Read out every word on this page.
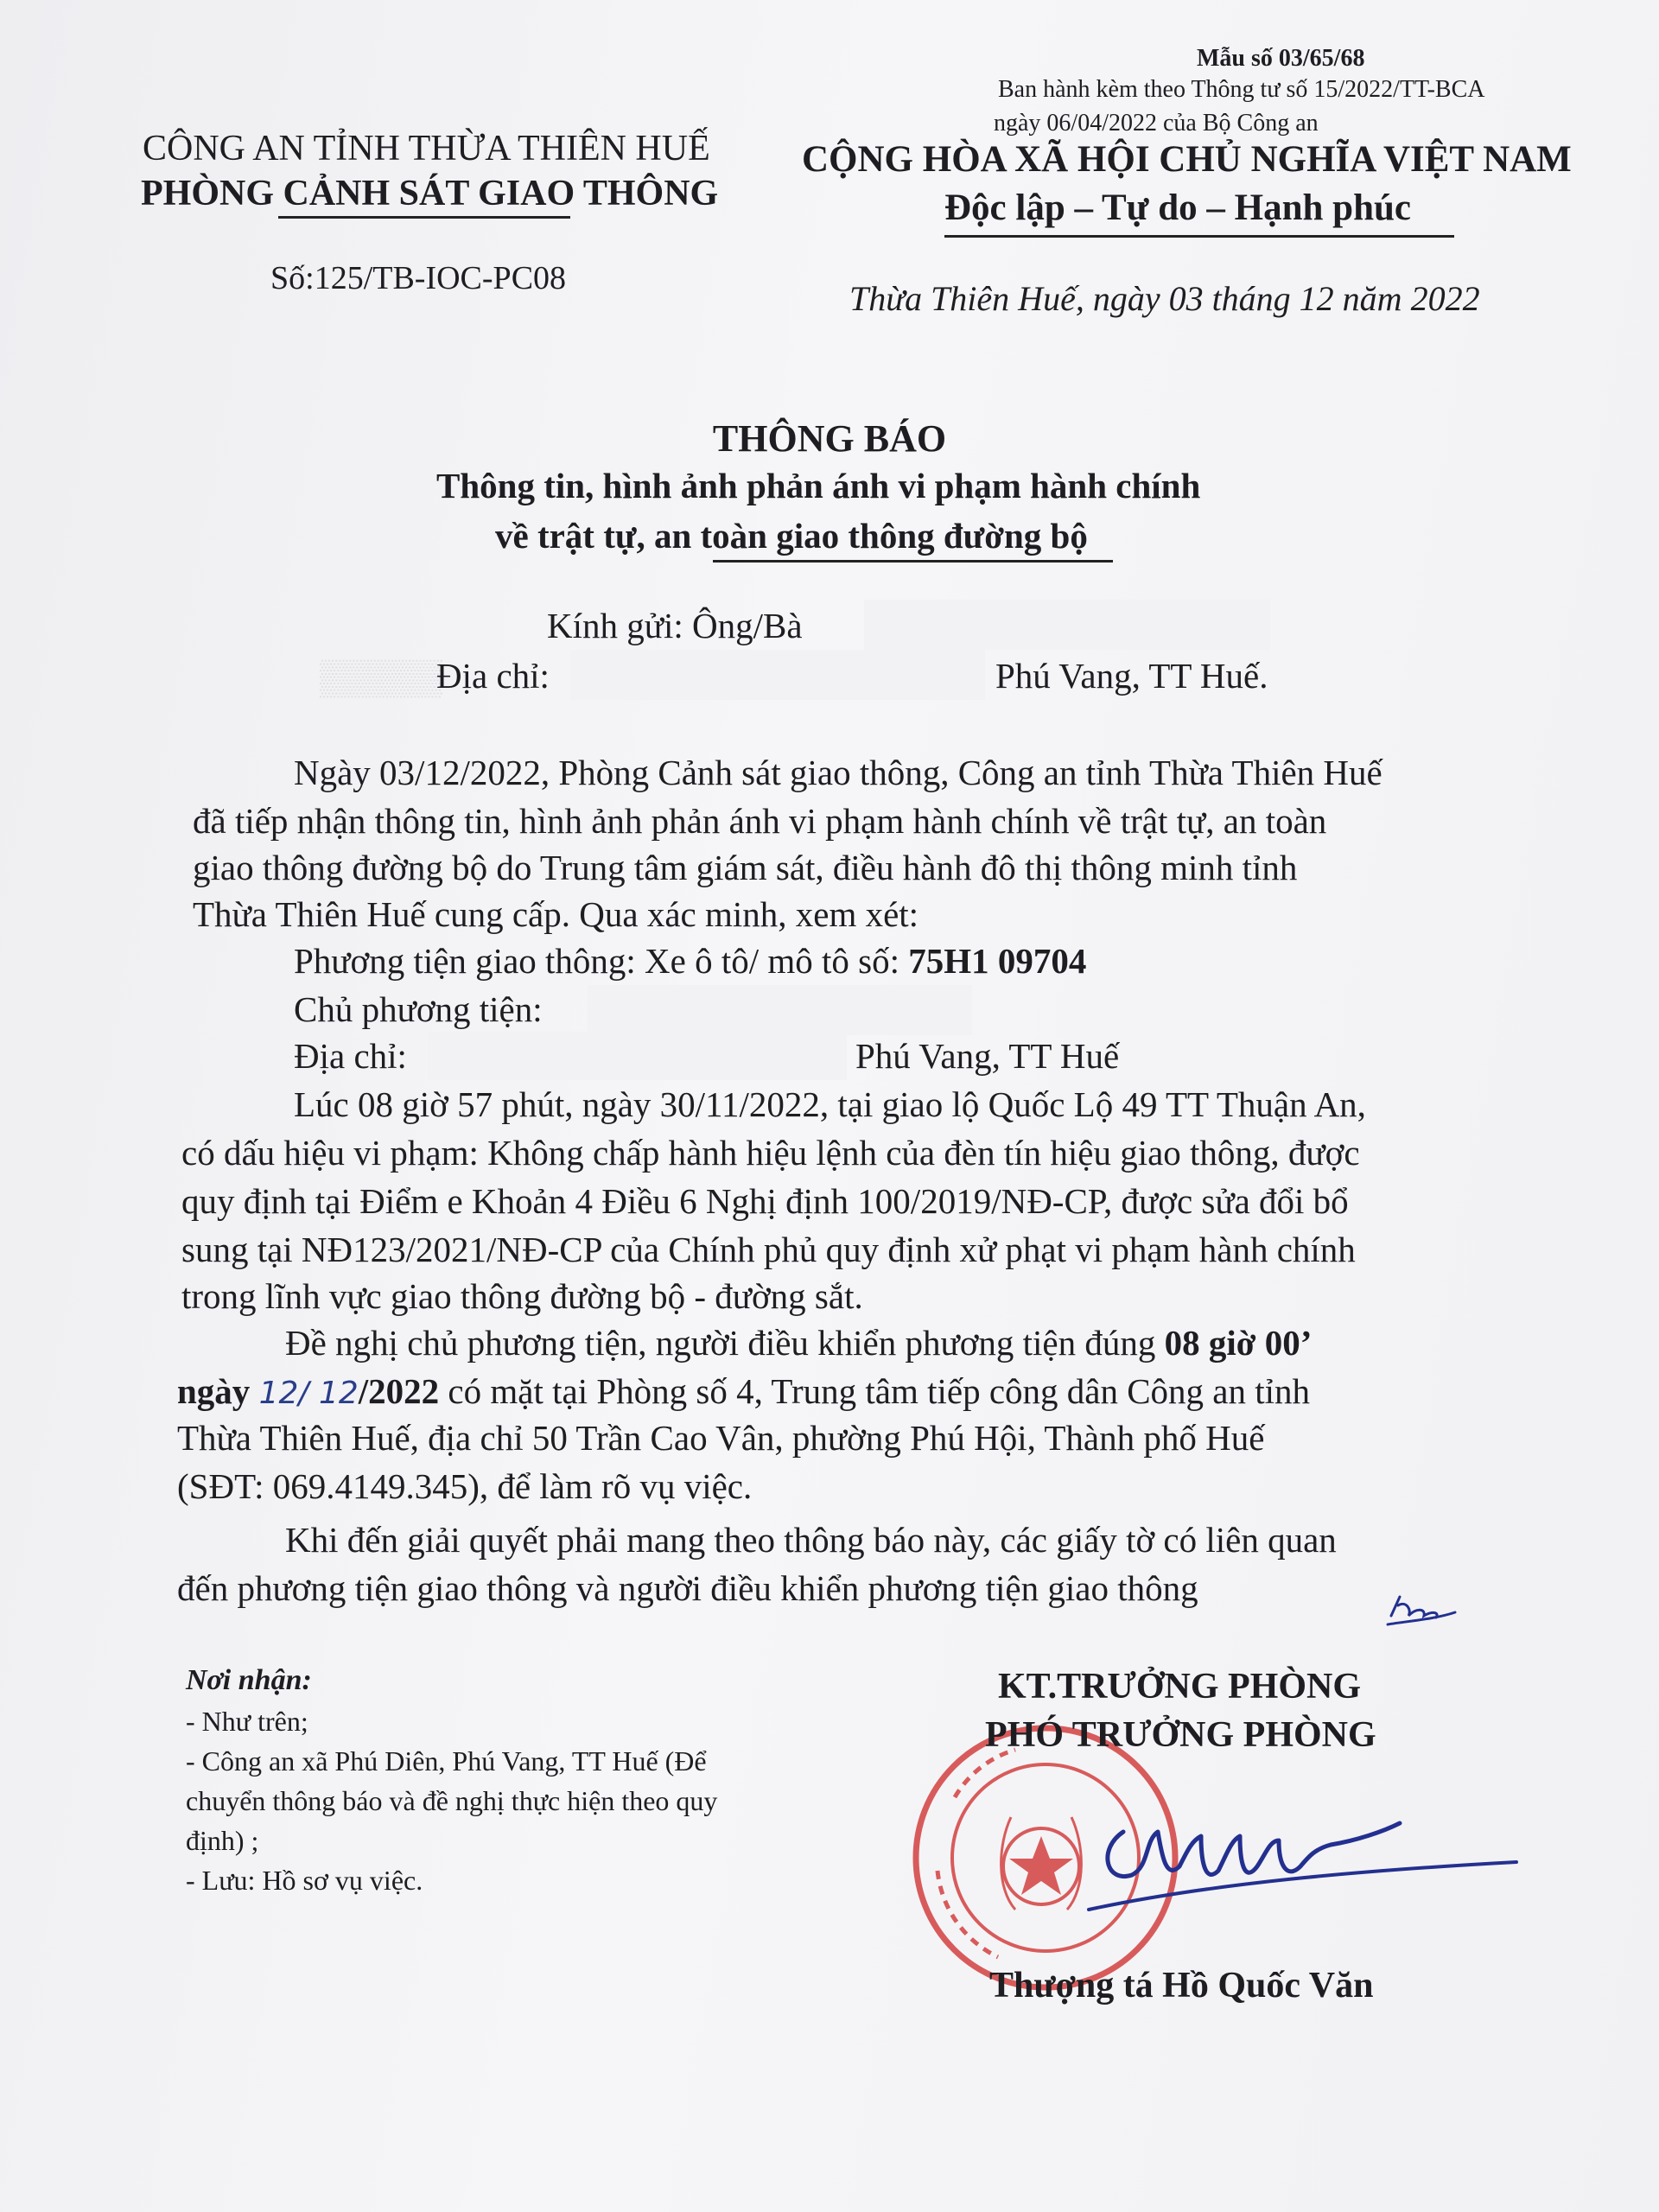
▒▒▒▒▒
Mẫu số 03/65/68
Ban hành kèm theo Thông tư số 15/2022/TT-BCA
ngày 06/04/2022 của Bộ Công an
CÔNG AN TỈNH THỪA THIÊN HUẾ
PHÒNG CẢNH SÁT GIAO THÔNG
Số:125/TB-IOC-PC08
CỘNG HÒA XÃ HỘI CHỦ NGHĨA VIỆT NAM
Độc lập – Tự do – Hạnh phúc
Thừa Thiên Huế, ngày 03 tháng 12 năm 2022
THÔNG BÁO
Thông tin, hình ảnh phản ánh vi phạm hành chính
về trật tự, an toàn giao thông đường bộ
Kính gửi: Ông/Bà
Địa chỉ:	Phú Vang, TT Huế.
Ngày 03/12/2022, Phòng Cảnh sát giao thông, Công an tỉnh Thừa Thiên Huế
đã tiếp nhận thông tin, hình ảnh phản ánh vi phạm hành chính về trật tự, an toàn
giao thông đường bộ do Trung tâm giám sát, điều hành đô thị thông minh tỉnh
Thừa Thiên Huế cung cấp. Qua xác minh, xem xét:
Phương tiện giao thông: Xe ô tô/ mô tô số: 75H1 09704
Chủ phương tiện:
Địa chỉ:	Phú Vang, TT Huế
Lúc 08 giờ 57 phút, ngày 30/11/2022, tại giao lộ Quốc Lộ 49 TT Thuận An,
có dấu hiệu vi phạm: Không chấp hành hiệu lệnh của đèn tín hiệu giao thông, được
quy định tại Điểm e Khoản 4 Điều 6 Nghị định 100/2019/NĐ-CP, được sửa đổi bổ
sung tại NĐ123/2021/NĐ-CP của Chính phủ quy định xử phạt vi phạm hành chính
trong lĩnh vực giao thông đường bộ - đường sắt.
Đề nghị chủ phương tiện, người điều khiển phương tiện đúng 08 giờ 00’
ngày 12/ 12/2022 có mặt tại Phòng số 4, Trung tâm tiếp công dân Công an tỉnh
Thừa Thiên Huế, địa chỉ 50 Trần Cao Vân, phường Phú Hội, Thành phố Huế
(SĐT: 069.4149.345), để làm rõ vụ việc.
Khi đến giải quyết phải mang theo thông báo này, các giấy tờ có liên quan
đến phương tiện giao thông và người điều khiển phương tiện giao thông
Nơi nhận:
- Như trên;
- Công an xã Phú Diên, Phú Vang, TT Huế (Để
chuyển thông báo và đề nghị thực hiện theo quy
định) ;
- Lưu: Hồ sơ vụ việc.
KT.TRƯỞNG PHÒNG
PHÓ TRƯỞNG PHÒNG
Thượng tá Hồ Quốc Văn
